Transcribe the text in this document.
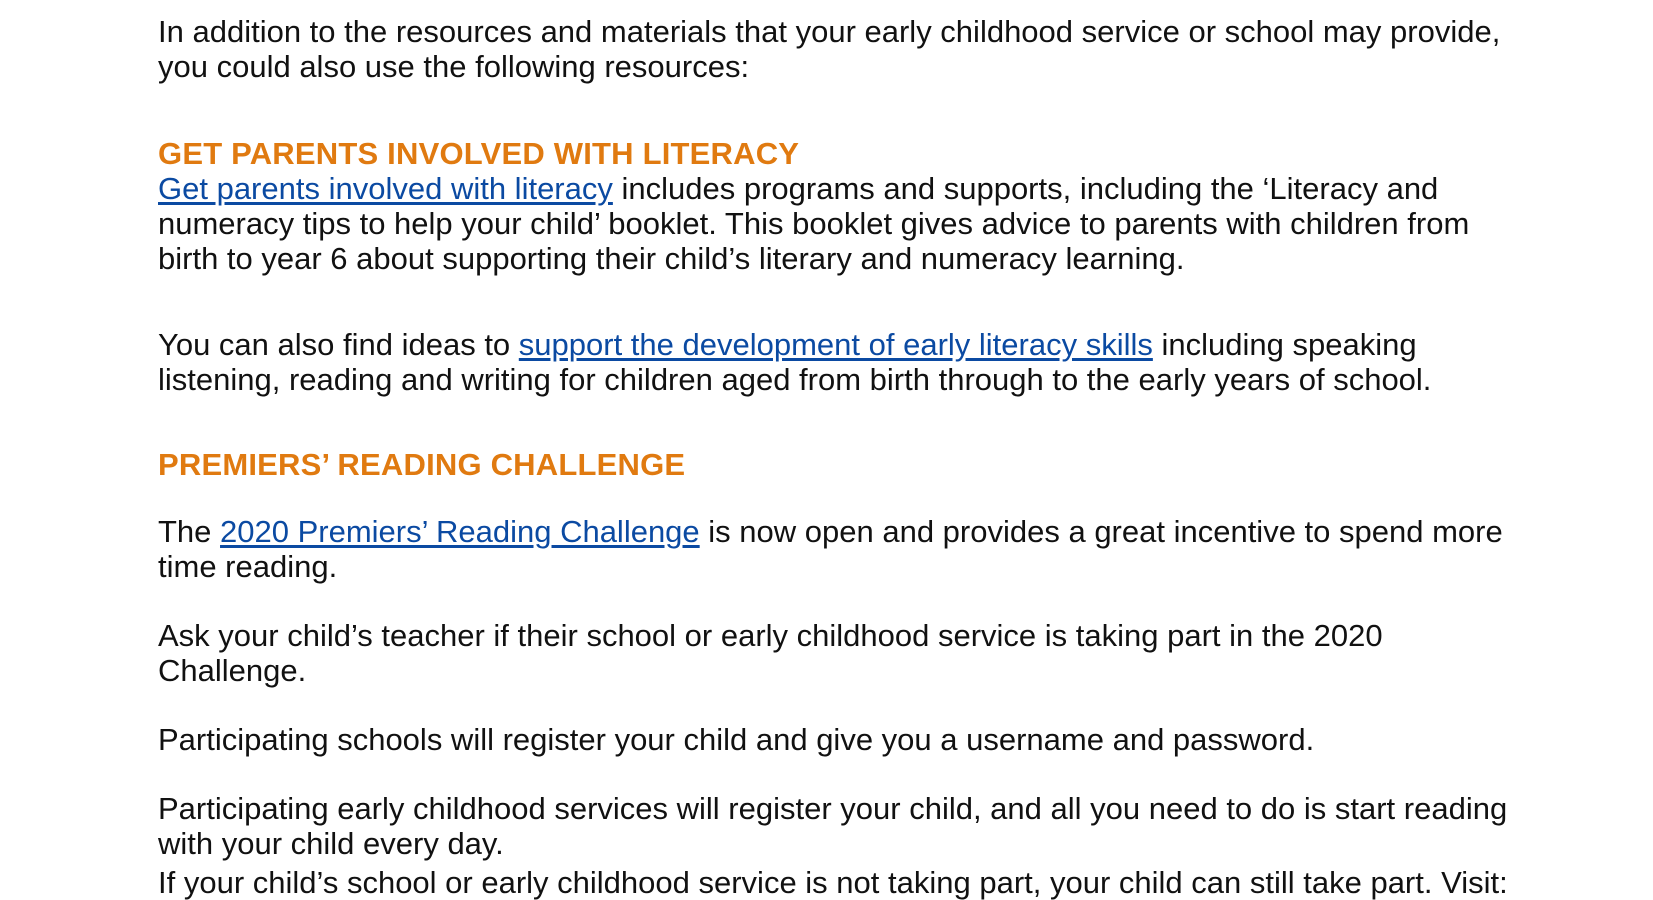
In addition to the resources and materials that your early childhood service or school may provide, you could also use the following resources:

GET PARENTS INVOLVED WITH LITERACY

Get parents involved with literacy includes programs and supports, including the ‘Literacy and numeracy tips to help your child’ booklet. This booklet gives advice to parents with children from birth to year 6 about supporting their child’s literary and numeracy learning.

You can also find ideas to support the development of early literacy skills including speaking listening, reading and writing for children aged from birth through to the early years of school.

PREMIERS’ READING CHALLENGE

The 2020 Premiers’ Reading Challenge is now open and provides a great incentive to spend more time reading.

Ask your child’s teacher if their school or early childhood service is taking part in the 2020 Challenge.

Participating schools will register your child and give you a username and password.

Participating early childhood services will register your child, and all you need to do is start reading with your child every day.

If your child’s school or early childhood service is not taking part, your child can still take part. Visit:
